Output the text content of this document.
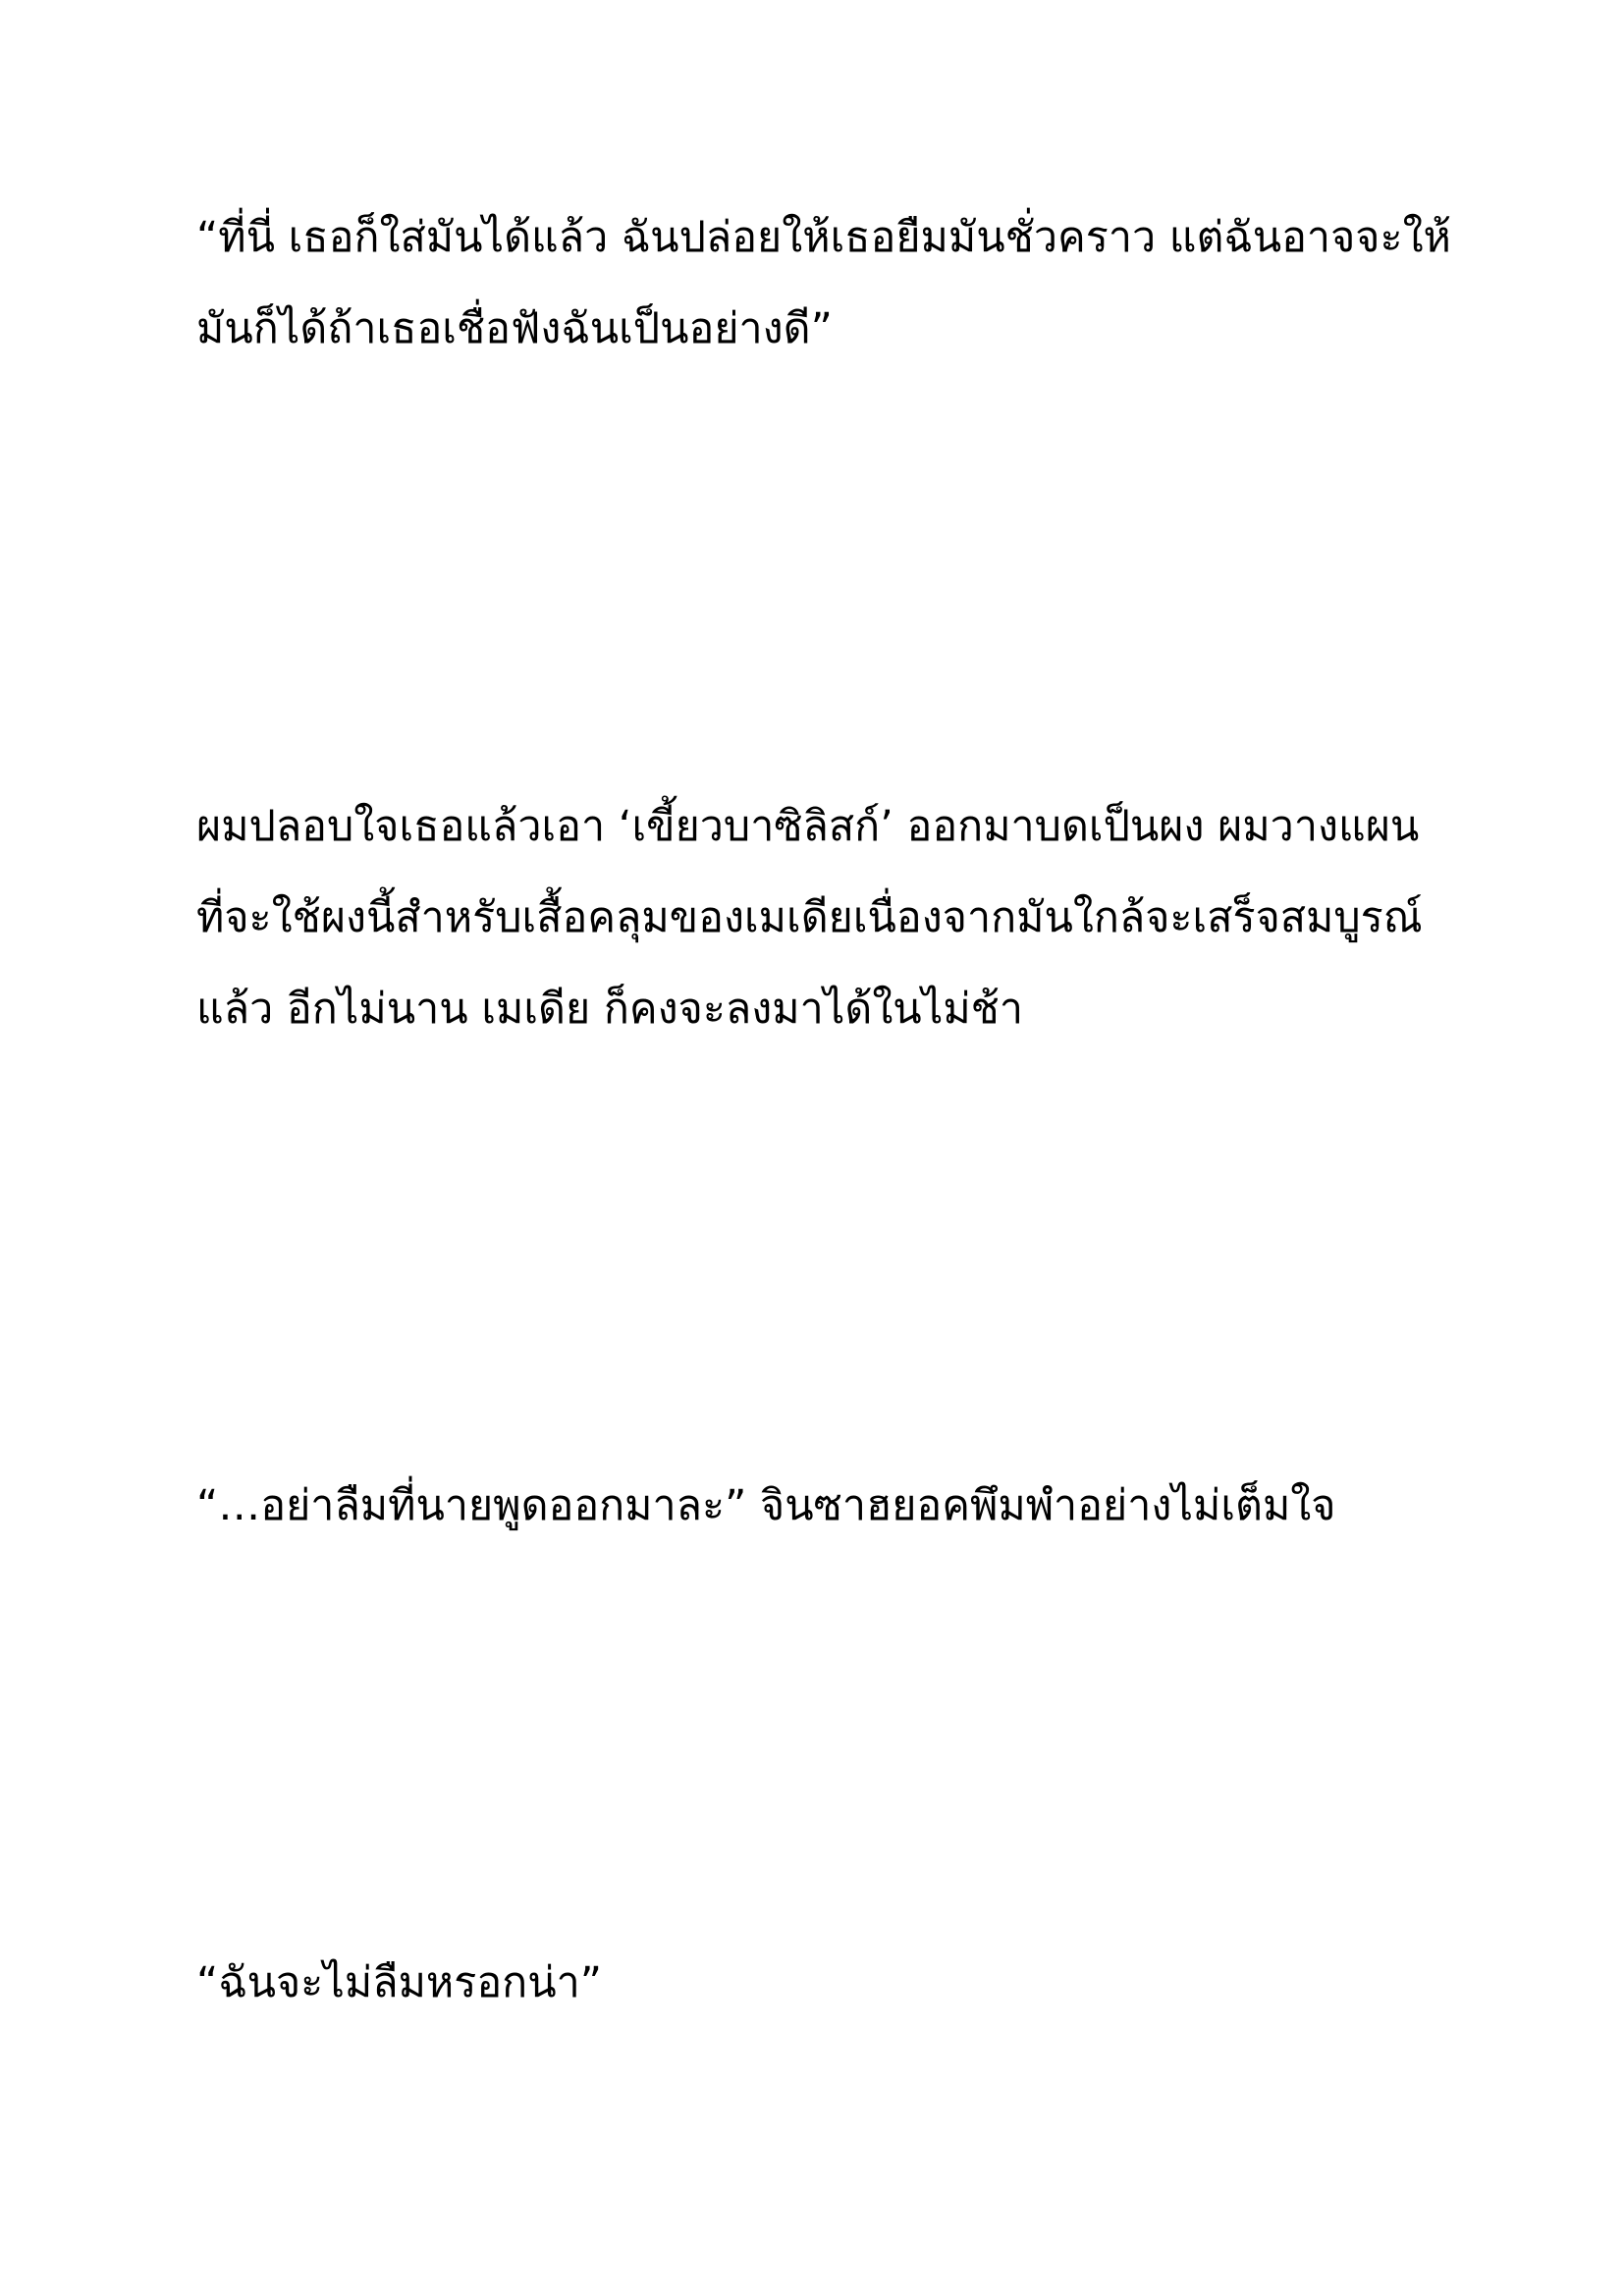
“ที่นี่ เธอก็ใส่มันได้แล้ว ฉันปล่อยให้เธอยืมมันชั่วคราว แต่ฉันอาจจะให้
มันก็ได้ถ้าเธอเชื่อฟังฉันเป็นอย่างดี”

ผมปลอบใจเธอแล้วเอา ‘เขี้ยวบาซิลิสก์’ ออกมาบดเป็นผง ผมวางแผน
ที่จะใช้ผงนี้สำหรับเสื้อคลุมของเมเดียเนื่องจากมันใกล้จะเสร็จสมบูรณ์
แล้ว อีกไม่นาน เมเดีย ก็คงจะลงมาได้ในไม่ช้า

“…อย่าลืมที่นายพูดออกมาละ” จินซาฮยอคพึมพำอย่างไม่เต็มใจ

“ฉันจะไม่ลืมหรอกน่า”
